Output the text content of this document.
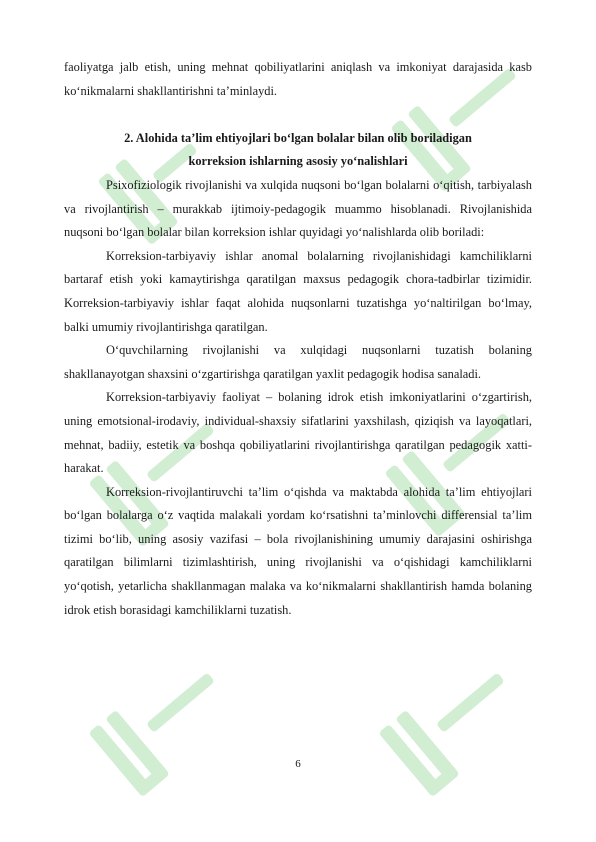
faoliyatga jalb etish, uning mehnat qobiliyatlarini aniqlash va imkoniyat darajasida kasb ko‘nikmalarni shakllantirishni ta’minlaydi.

2. Alohida ta’lim ehtiyojlari bo‘lgan bolalar bilan olib boriladigan

korreksion ishlarning asosiy yo‘nalishlari

Psixofiziologik rivojlanishi va xulqida nuqsoni bo‘lgan bolalarni o‘qitish, tarbiyalash va rivojlantirish – murakkab ijtimoiy-pedagogik muammo hisoblanadi. Rivojlanishida nuqsoni bo‘lgan bolalar bilan korreksion ishlar quyidagi yo‘nalishlarda olib boriladi:

Korreksion-tarbiyaviy ishlar anomal bolalarning rivojlanishidagi kamchiliklarni bartaraf etish yoki kamaytirishga qaratilgan maxsus pedagogik chora-tadbirlar tizimidir. Korreksion-tarbiyaviy ishlar faqat alohida nuqsonlarni tuzatishga yo‘naltirilgan bo‘lmay, balki umumiy rivojlantirishga qaratilgan.

O‘quvchilarning rivojlanishi va xulqidagi nuqsonlarni tuzatish bolaning shakllanayotgan shaxsini o‘zgartirishga qaratilgan yaxlit pedagogik hodisa sanaladi.

Korreksion-tarbiyaviy faoliyat – bolaning idrok etish imkoniyatlarini o‘zgartirish, uning emotsional-irodaviy, individual-shaxsiy sifatlarini yaxshilash, qiziqish va layoqatlari, mehnat, badiiy, estetik va boshqa qobiliyatlarini rivojlantirishga qaratilgan pedagogik xatti-harakat.

Korreksion-rivojlantiruvchi ta’lim o‘qishda va maktabda alohida ta’lim ehtiyojlari bo‘lgan bolalarga o‘z vaqtida malakali yordam ko‘rsatishni ta’minlovchi differensial ta’lim tizimi bo‘lib, uning asosiy vazifasi – bola rivojlanishining umumiy darajasini oshirishga qaratilgan bilimlarni tizimlashtirish, uning rivojlanishi va o‘qishidagi kamchiliklarni yo‘qotish, yetarlicha shakllanmagan malaka va ko‘nikmalarni shakllantirish hamda bolaning idrok etish borasidagi kamchiliklarni tuzatish.

6
